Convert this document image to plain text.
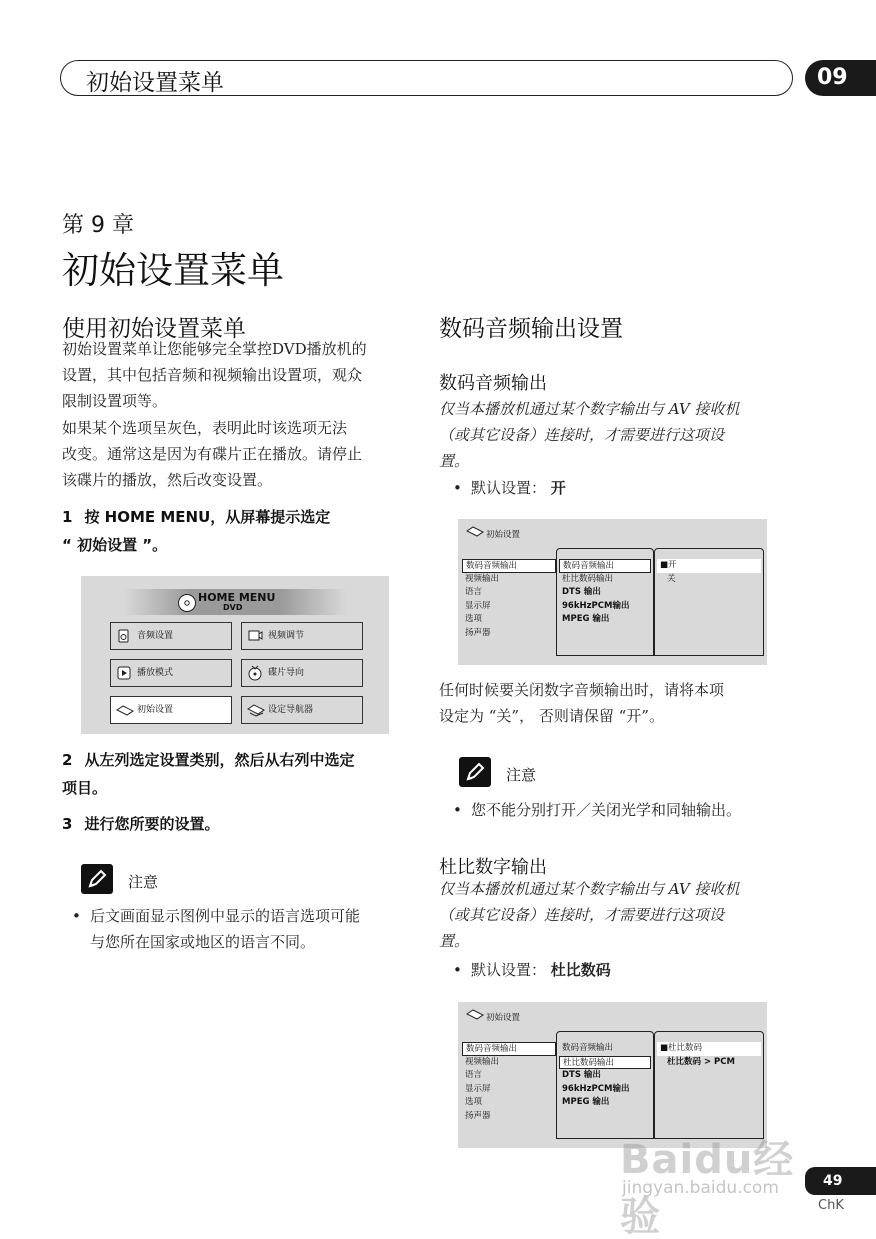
初始设置菜单	09
第 9 章
初始设置菜单
使用初始设置菜单
初始设置菜单让您能够完全掌控DVD播放机的
设置，其中包括音频和视频输出设置项，观众
限制设置项等。
如果某个选项呈灰色，表明此时该选项无法
改变。通常这是因为有碟片正在播放。请停止
该碟片的播放，然后改变设置。
1 按 HOME MENU，从屏幕提示选定
“ 初始设置 ”。
HOME MENU
DVD
音频设置	视频调节
播放模式	碟片导向
初始设置	设定导航器
2 从左列选定设置类别，然后从右列中选定
项目。
3 进行您所要的设置。
注意
• 后文画面显示图例中显示的语言选项可能
与您所在国家或地区的语言不同。
数码音频输出设置
数码音频输出
仅当本播放机通过某个数字输出与 AV 接收机
（或其它设备）连接时，才需要进行这项设
置。
• 默认设置： 开
初始设置
数码音频输出
视频输出
语言
显示屏
选项
扬声器
数码音频输出
杜比数码输出
DTS 输出
96kHzPCM输出
MPEG 输出
■开
关
任何时候要关闭数字音频输出时，请将本项
设定为 “关”， 否则请保留 “开”。
注意
• 您不能分别打开／关闭光学和同轴输出。
杜比数字输出
仅当本播放机通过某个数字输出与 AV 接收机
（或其它设备）连接时，才需要进行这项设
置。
• 默认设置： 杜比数码
初始设置
数码音频输出
视频输出
语言
显示屏
选项
扬声器
数码音频输出
杜比数码输出
DTS 输出
96kHzPCM输出
MPEG 输出
■杜比数码
杜比数码 > PCM
Baidu经验
jingyan.baidu.com	49
ChK
